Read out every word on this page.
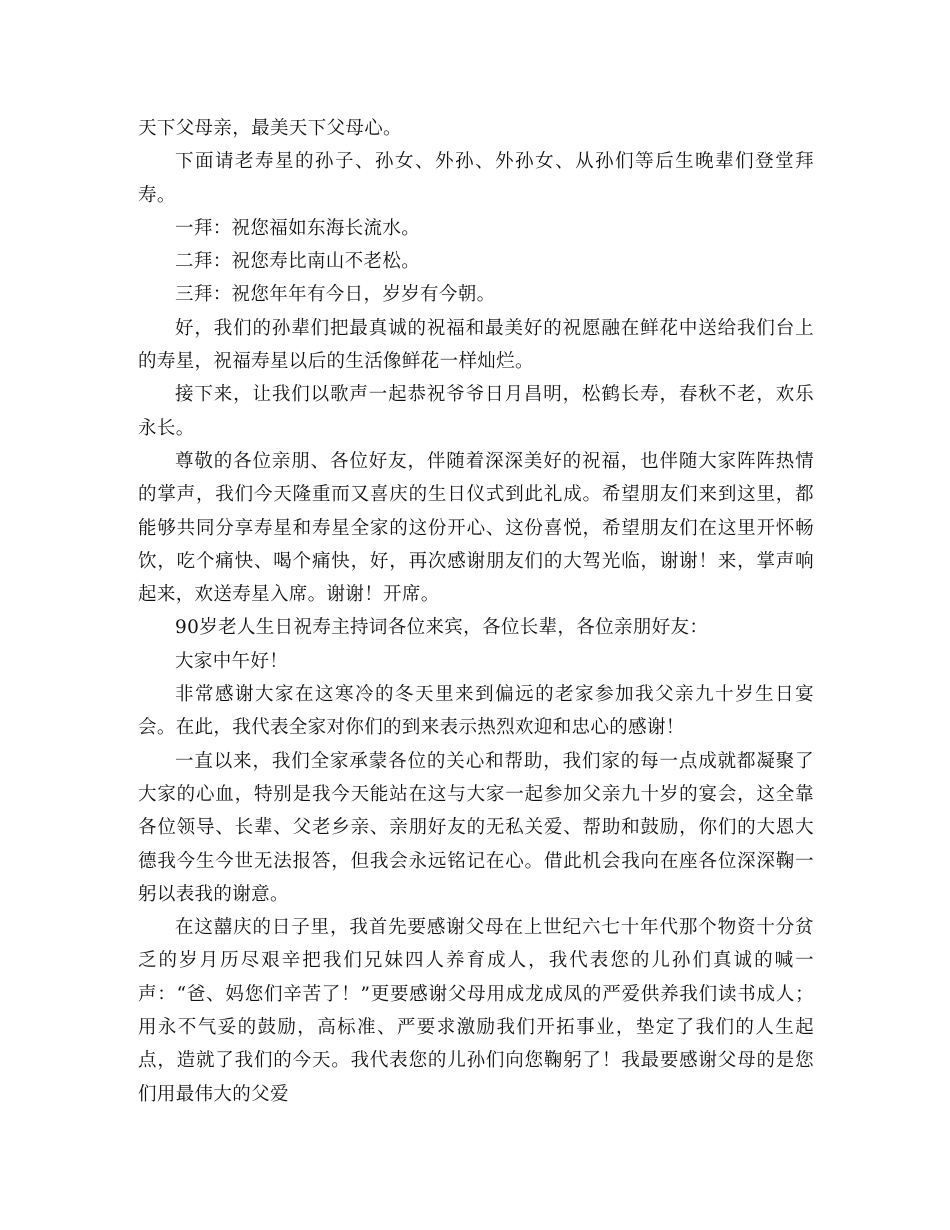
天下父母亲，最美天下父母心。

下面请老寿星的孙子、孙女、外孙、外孙女、从孙们等后生晚辈们登堂拜寿。

一拜：祝您福如东海长流水。

二拜：祝您寿比南山不老松。

三拜：祝您年年有今日，岁岁有今朝。

好，我们的孙辈们把最真诚的祝福和最美好的祝愿融在鲜花中送给我们台上的寿星，祝福寿星以后的生活像鲜花一样灿烂。

接下来，让我们以歌声一起恭祝爷爷日月昌明，松鹤长寿，春秋不老，欢乐永长。

尊敬的各位亲朋、各位好友，伴随着深深美好的祝福，也伴随大家阵阵热情的掌声，我们今天隆重而又喜庆的生日仪式到此礼成。希望朋友们来到这里，都能够共同分享寿星和寿星全家的这份开心、这份喜悦，希望朋友们在这里开怀畅饮，吃个痛快、喝个痛快，好，再次感谢朋友们的大驾光临，谢谢！来，掌声响起来，欢送寿星入席。谢谢！开席。

90岁老人生日祝寿主持词各位来宾，各位长辈，各位亲朋好友：

大家中午好！

非常感谢大家在这寒冷的冬天里来到偏远的老家参加我父亲九十岁生日宴会。在此，我代表全家对你们的到来表示热烈欢迎和忠心的感谢！

一直以来，我们全家承蒙各位的关心和帮助，我们家的每一点成就都凝聚了大家的心血，特别是我今天能站在这与大家一起参加父亲九十岁的宴会，这全靠各位领导、长辈、父老乡亲、亲朋好友的无私关爱、帮助和鼓励，你们的大恩大德我今生今世无法报答，但我会永远铭记在心。借此机会我向在座各位深深鞠一躬以表我的谢意。

在这囍庆的日子里，我首先要感谢父母在上世纪六七十年代那个物资十分贫乏的岁月历尽艰辛把我们兄妹四人养育成人，我代表您的儿孙们真诚的喊一声：“爸、妈您们辛苦了！”更要感谢父母用成龙成凤的严爱供养我们读书成人；用永不气妥的鼓励，高标准、严要求激励我们开拓事业，垫定了我们的人生起点，造就了我们的今天。我代表您的儿孙们向您鞠躬了！我最要感谢父母的是您们用最伟大的父爱
